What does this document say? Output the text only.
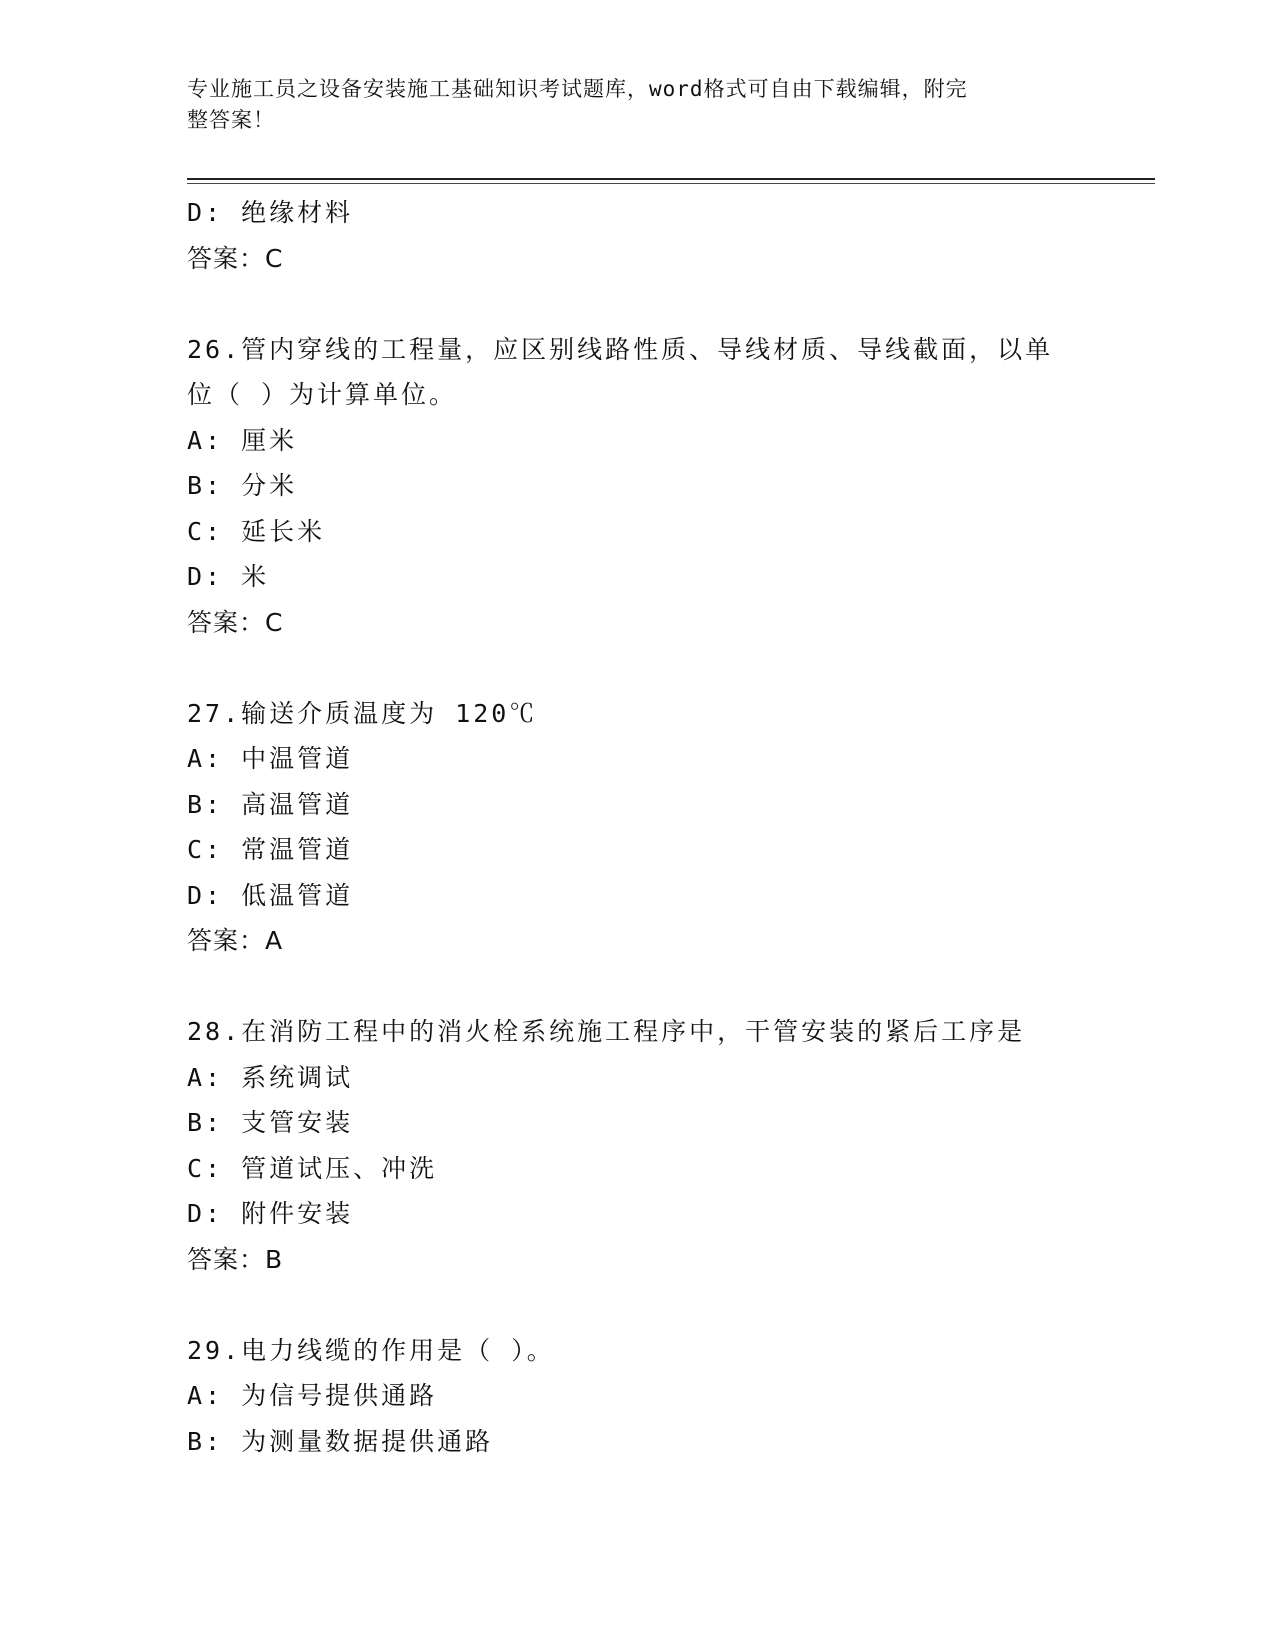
专业施工员之设备安装施工基础知识考试题库，word格式可自由下载编辑，附完
整答案！
D: 绝缘材料
答案：C
26.管内穿线的工程量，应区别线路性质、导线材质、导线截面，以单
位（ ）为计算单位。
A: 厘米
B: 分米
C: 延长米
D: 米
答案：C
27.输送介质温度为 120℃
A: 中温管道
B: 高温管道
C: 常温管道
D: 低温管道
答案：A
28.在消防工程中的消火栓系统施工程序中，干管安装的紧后工序是
A: 系统调试
B: 支管安装
C: 管道试压、冲洗
D: 附件安装
答案：B
29.电力线缆的作用是（ ）。
A: 为信号提供通路
B: 为测量数据提供通路
